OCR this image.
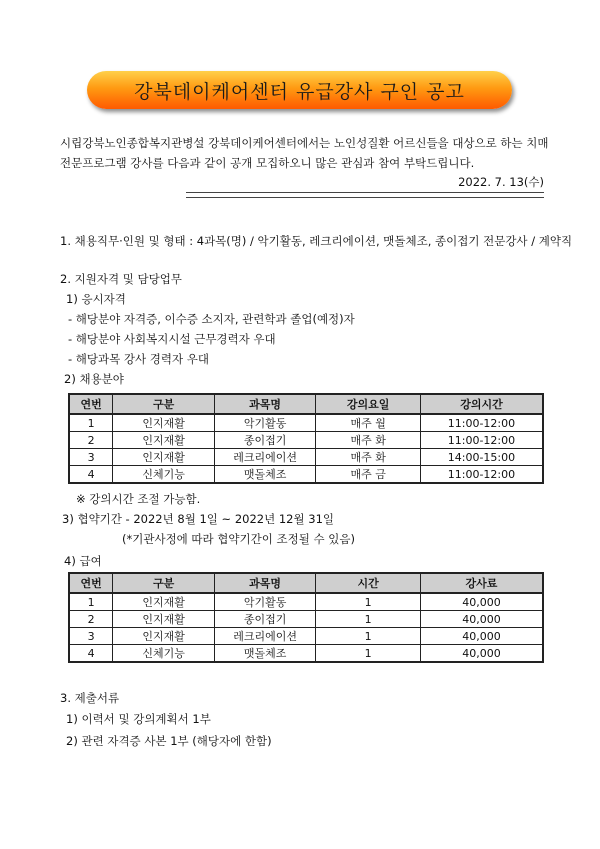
강북데이케어센터 유급강사 구인 공고
시립강북노인종합복지관병설 강북데이케어센터에서는 노인성질환 어르신들을 대상으로 하는 치매 전문프로그램 강사를 다음과 같이 공개 모집하오니 많은 관심과 참여 부탁드립니다.
2022. 7. 13(수)
1. 채용직무·인원 및 형태 : 4과목(명) / 악기활동, 레크리에이션, 맷돌체조, 종이접기 전문강사 / 계약직
2. 지원자격 및 담당업무
1) 응시자격
- 해당분야 자격증, 이수증 소지자, 관련학과 졸업(예정)자
- 해당분야 사회복지시설 근무경력자 우대
- 해당과목 강사 경력자 우대
2) 채용분야
연번	구분	과목명	강의요일	강의시간
1	인지재활	악기활동	매주 월	11:00-12:00
2	인지재활	종이접기	매주 화	11:00-12:00
3	인지재활	레크리에이션	매주 화	14:00-15:00
4	신체기능	맷돌체조	매주 금	11:00-12:00
※ 강의시간 조절 가능함.
3) 협약기간 - 2022년 8월 1일 ~ 2022년 12월 31일
(*기관사정에 따라 협약기간이 조정될 수 있음)
4) 급여
연번	구분	과목명	시간	강사료
1	인지재활	악기활동	1	40,000
2	인지재활	종이접기	1	40,000
3	인지재활	레크리에이션	1	40,000
4	신체기능	맷돌체조	1	40,000
3. 제출서류
1) 이력서 및 강의계획서 1부
2) 관련 자격증 사본 1부 (해당자에 한함)
